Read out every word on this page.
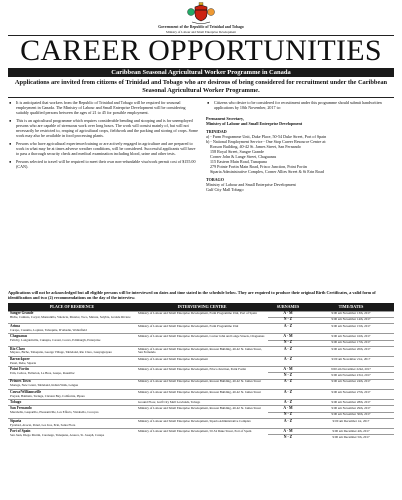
Government of the Republic of Trinidad and Tobago
Ministry of Labour and Small Enterprise Development
CAREER OPPORTUNITIES
Caribbean Seasonal Agricultural Worker Programme in Canada
Applications are invited from citizens of Trinidad and Tobago who are desirous of being considered for recruitment under the Caribbean Seasonal Agricultural Worker Programme.
● It is anticipated that workers from the Republic of Trinidad and Tobago will be required for seasonal employment in Canada. The Ministry of Labour and Small Enterprise Development will be considering suitably qualified persons between the ages of 21 to 45 for possible employment.
● This is an agricultural programme which requires considerable bending and stooping and is for unemployed persons who are capable of strenuous work over long hours. The work will consist mainly of, but will not necessarily be restricted to, reaping of agricultural crops, fieldwork and the packing and storing of crops. Some work may also be available in food processing plants.
● Persons who have agricultural experience/training or are actively engaged in agriculture and are prepared to work in what may be at times adverse weather conditions, will be considered. Successful applicants will have to pass a thorough security check and medical examination including blood, urine and other tests.
● Persons selected to travel will be required to meet their own non-refundable visa/work permit cost of $155.00 (CAN).
● Citizens who desire to be considered for recruitment under this programme should submit handwritten applications by 10th November, 2017 to:
Permanent Secretary,
Ministry of Labour and Small Enterprise Development
TRINIDAD
a) - Farm Programme Unit, Duke Place, 50-54 Duke Street, Port of Spain
b) - National Employment Service - One Stop Career Resource Centre at:
Rosson Building, 40-42 St. James Street, San Fernando
158 Royal Street, Sangre Grande
Corner John & Lange Street, Chaguanas
115 Eastern Main Road, Tunapuna
279 Pointe Fortin Main Road, Frisco Junction, Point Fortin
Siparia Administrative Complex, Corner Allies Street & St Erin Road
TOBAGO
Ministry of Labour and Small Enterprise Development
Gulf City Mall Tobago
Applications will not be acknowledged but all eligible persons will be interviewed on dates and time stated in the schedule below. They are required to produce their original Birth Certificates, a valid form of identification and two (2) recommendations on the day of the interview.
PLACE OF RESIDENCE	INTERVIEWING CENTRE	SURNAMES	TIME/DATES

Sangre Grande
Biche, Cumuto, Coryal, Manzanilla, Valencia, Matelot, Toco, Matura, Salybia, Grande Riviere	Ministry of Labour and Small Enterprise Development, Farm Programme Unit, Port of Spain	A - M	9:00 am November 13th, 2017
		N - Z	9:00 am November 14th, 2017

Arima
Carapo, Cuaumo, Lopinot, Tabaquite, D'Abadie, Wallerfield	Ministry of Labour and Small Enterprise Development, Farm Programme Unit	A - Z	9:00 am November 15th, 2017

Chaguanas
Felicity, Longdenville, Cunupia, Caroni, Couva, Edinburgh, Enterprise	Ministry of Labour and Small Enterprise Development, Corner John and Lange Streets, Chaguanas	A - M	9:00 am November 16th, 2017
		N - Z	9:00 am November 17th, 2017

Rio Claro
Mayaro, Biche, Tabaquite, George Village, Tableland, Rio Claro, Guayaguayare	Ministry of Labour and Small Enterprise Development, Rosson Building, 40-42 St. James Street, San Fernando	A - Z	9:00 am November 20th, 2017

Barrackpore
Penal, Debe, Siparia	Ministry of Labour and Small Enterprise Development	A - Z	9:00 am November 21st, 2017

Point Fortin
Erin, Cedros, Fullarton, La Brea, Guapo, Rousillac	Ministry of Labour and Small Enterprise Development, Frisco Junction, Point Fortin	A - M	9:00 am November 22nd, 2017
		N - Z	9:00 am November 23rd, 2017

Princes Town
Moruga, New Grant, Tableland, Indian Walk, Lengua	Ministry of Labour and Small Enterprise Development, Rosson Building, 40-42 St. James Street	A - Z	9:00 am November 24th, 2017

Couva/Williamsville
Preysal, Balmain, Tortuga, Claxton Bay, California, Piparo	Ministry of Labour and Small Enterprise Development, Rosson Building, 40-42 St. James Street	A - Z	9:00 am November 27th, 2017

Tobago	Ground Floor, Gulf City Mall Lowlands, Tobago	A - Z	9:00 am November 28th, 2017

San Fernando
Marabella, Gasparillo, Pleasantville, Les Efforts, Vistabella, Cocoyea	Ministry of Labour and Small Enterprise Development, Rosson Building, 40-42 St. James Street	A - M	9:00 am November 29th, 2017
		N - Z	9:00 am November 30th, 2017

Siparia
Fyzabad, Avocat, Penal, Los Iros, Erin, Santa Flora	Ministry of Labour and Small Enterprise Development, Siparia Administrative Complex	A - Z	9:00 am December 1st, 2017

Port of Spain
San Juan, Diego Martin, Carenage, Tunapuna, Arouca, St. Joseph, Curepe	Ministry of Labour and Small Enterprise Development, 50-54 Duke Street, Port of Spain	A - M	9:00 am December 4th, 2017
		N - Z	9:00 am December 5th, 2017
